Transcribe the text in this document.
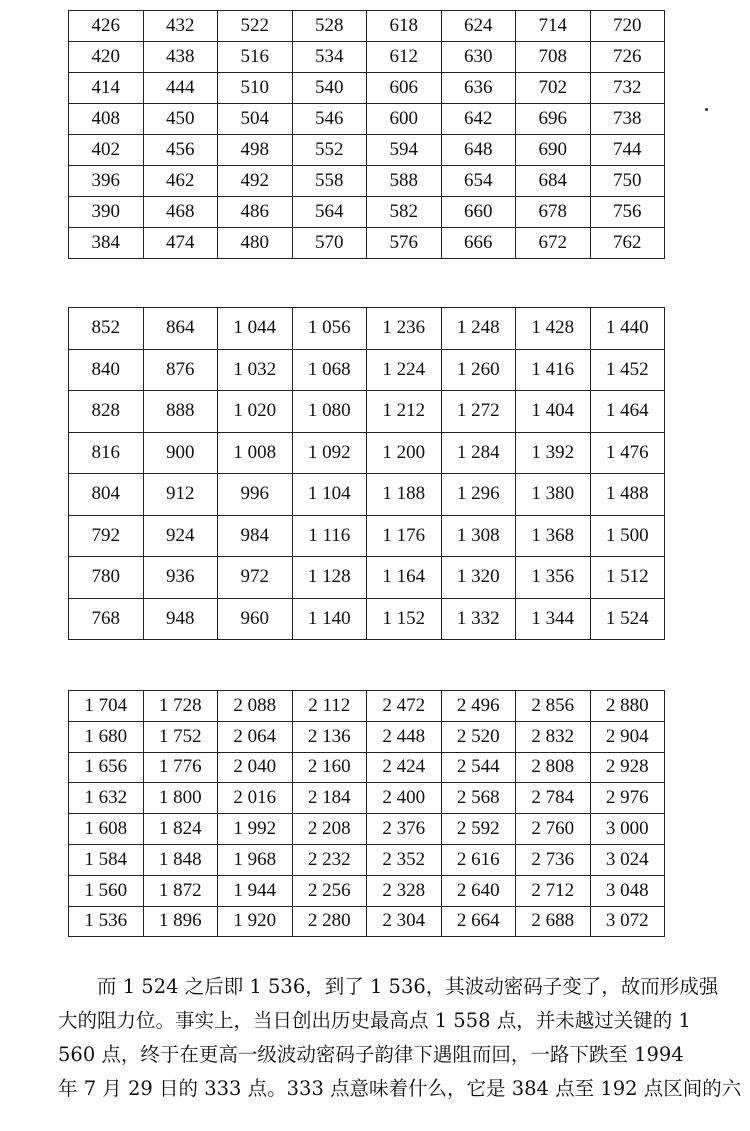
426	432	522	528	618	624	714	720
420	438	516	534	612	630	708	726
414	444	510	540	606	636	702	732
408	450	504	546	600	642	696	738
402	456	498	552	594	648	690	744
396	462	492	558	588	654	684	750
390	468	486	564	582	660	678	756
384	474	480	570	576	666	672	762
852	864	1 044	1 056	1 236	1 248	1 428	1 440
840	876	1 032	1 068	1 224	1 260	1 416	1 452
828	888	1 020	1 080	1 212	1 272	1 404	1 464
816	900	1 008	1 092	1 200	1 284	1 392	1 476
804	912	996	1 104	1 188	1 296	1 380	1 488
792	924	984	1 116	1 176	1 308	1 368	1 500
780	936	972	1 128	1 164	1 320	1 356	1 512
768	948	960	1 140	1 152	1 332	1 344	1 524
1 704	1 728	2 088	2 112	2 472	2 496	2 856	2 880
1 680	1 752	2 064	2 136	2 448	2 520	2 832	2 904
1 656	1 776	2 040	2 160	2 424	2 544	2 808	2 928
1 632	1 800	2 016	2 184	2 400	2 568	2 784	2 976
1 608	1 824	1 992	2 208	2 376	2 592	2 760	3 000
1 584	1 848	1 968	2 232	2 352	2 616	2 736	3 024
1 560	1 872	1 944	2 256	2 328	2 640	2 712	3 048
1 536	1 896	1 920	2 280	2 304	2 664	2 688	3 072
　　而 1 524 之后即 1 536，到了 1 536，其波动密码子变了，故而形成强
大的阻力位。事实上，当日创出历史最高点 1 558 点，并未越过关键的 1
560 点，终于在更高一级波动密码子韵律下遇阻而回，一路下跌至 1994
年 7 月 29 日的 333 点。333 点意味着什么，它是 384 点至 192 点区间的六
